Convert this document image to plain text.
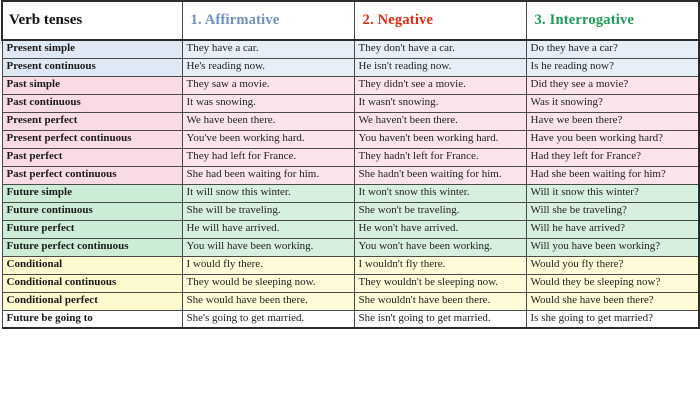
Verb tenses	1. Affirmative	2. Negative	3. Interrogative
Present simple	They have a car.	They don't have a car.	Do they have a car?
Present continuous	He's reading now.	He isn't reading now.	Is he reading now?
Past simple	They saw a movie.	They didn't see a movie.	Did they see a movie?
Past continuous	It was snowing.	It wasn't snowing.	Was it snowing?
Present perfect	We have been there.	We haven't been there.	Have we been there?
Present perfect continuous	You've been working hard.	You haven't been working hard.	Have you been working hard?
Past perfect	They had left for France.	They hadn't left for France.	Had they left for France?
Past perfect continuous	She had been waiting for him.	She hadn't been waiting for him.	Had she been waiting for him?
Future simple	It will snow this winter.	It won't snow this winter.	Will it snow this winter?
Future continuous	She will be traveling.	She won't be traveling.	Will she be traveling?
Future perfect	He will have arrived.	He won't have arrived.	Will he have arrived?
Future perfect continuous	You will have been working.	You won't have been working.	Will you have been working?
Conditional	I would fly there.	I wouldn't fly there.	Would you fly there?
Conditional continuous	They would be sleeping now.	They wouldn't be sleeping now.	Would they be sleeping now?
Conditional perfect	She would have been there.	She wouldn't have been there.	Would she have been there?
Future be going to	She's going to get married.	She isn't going to get married.	Is she going to get married?
